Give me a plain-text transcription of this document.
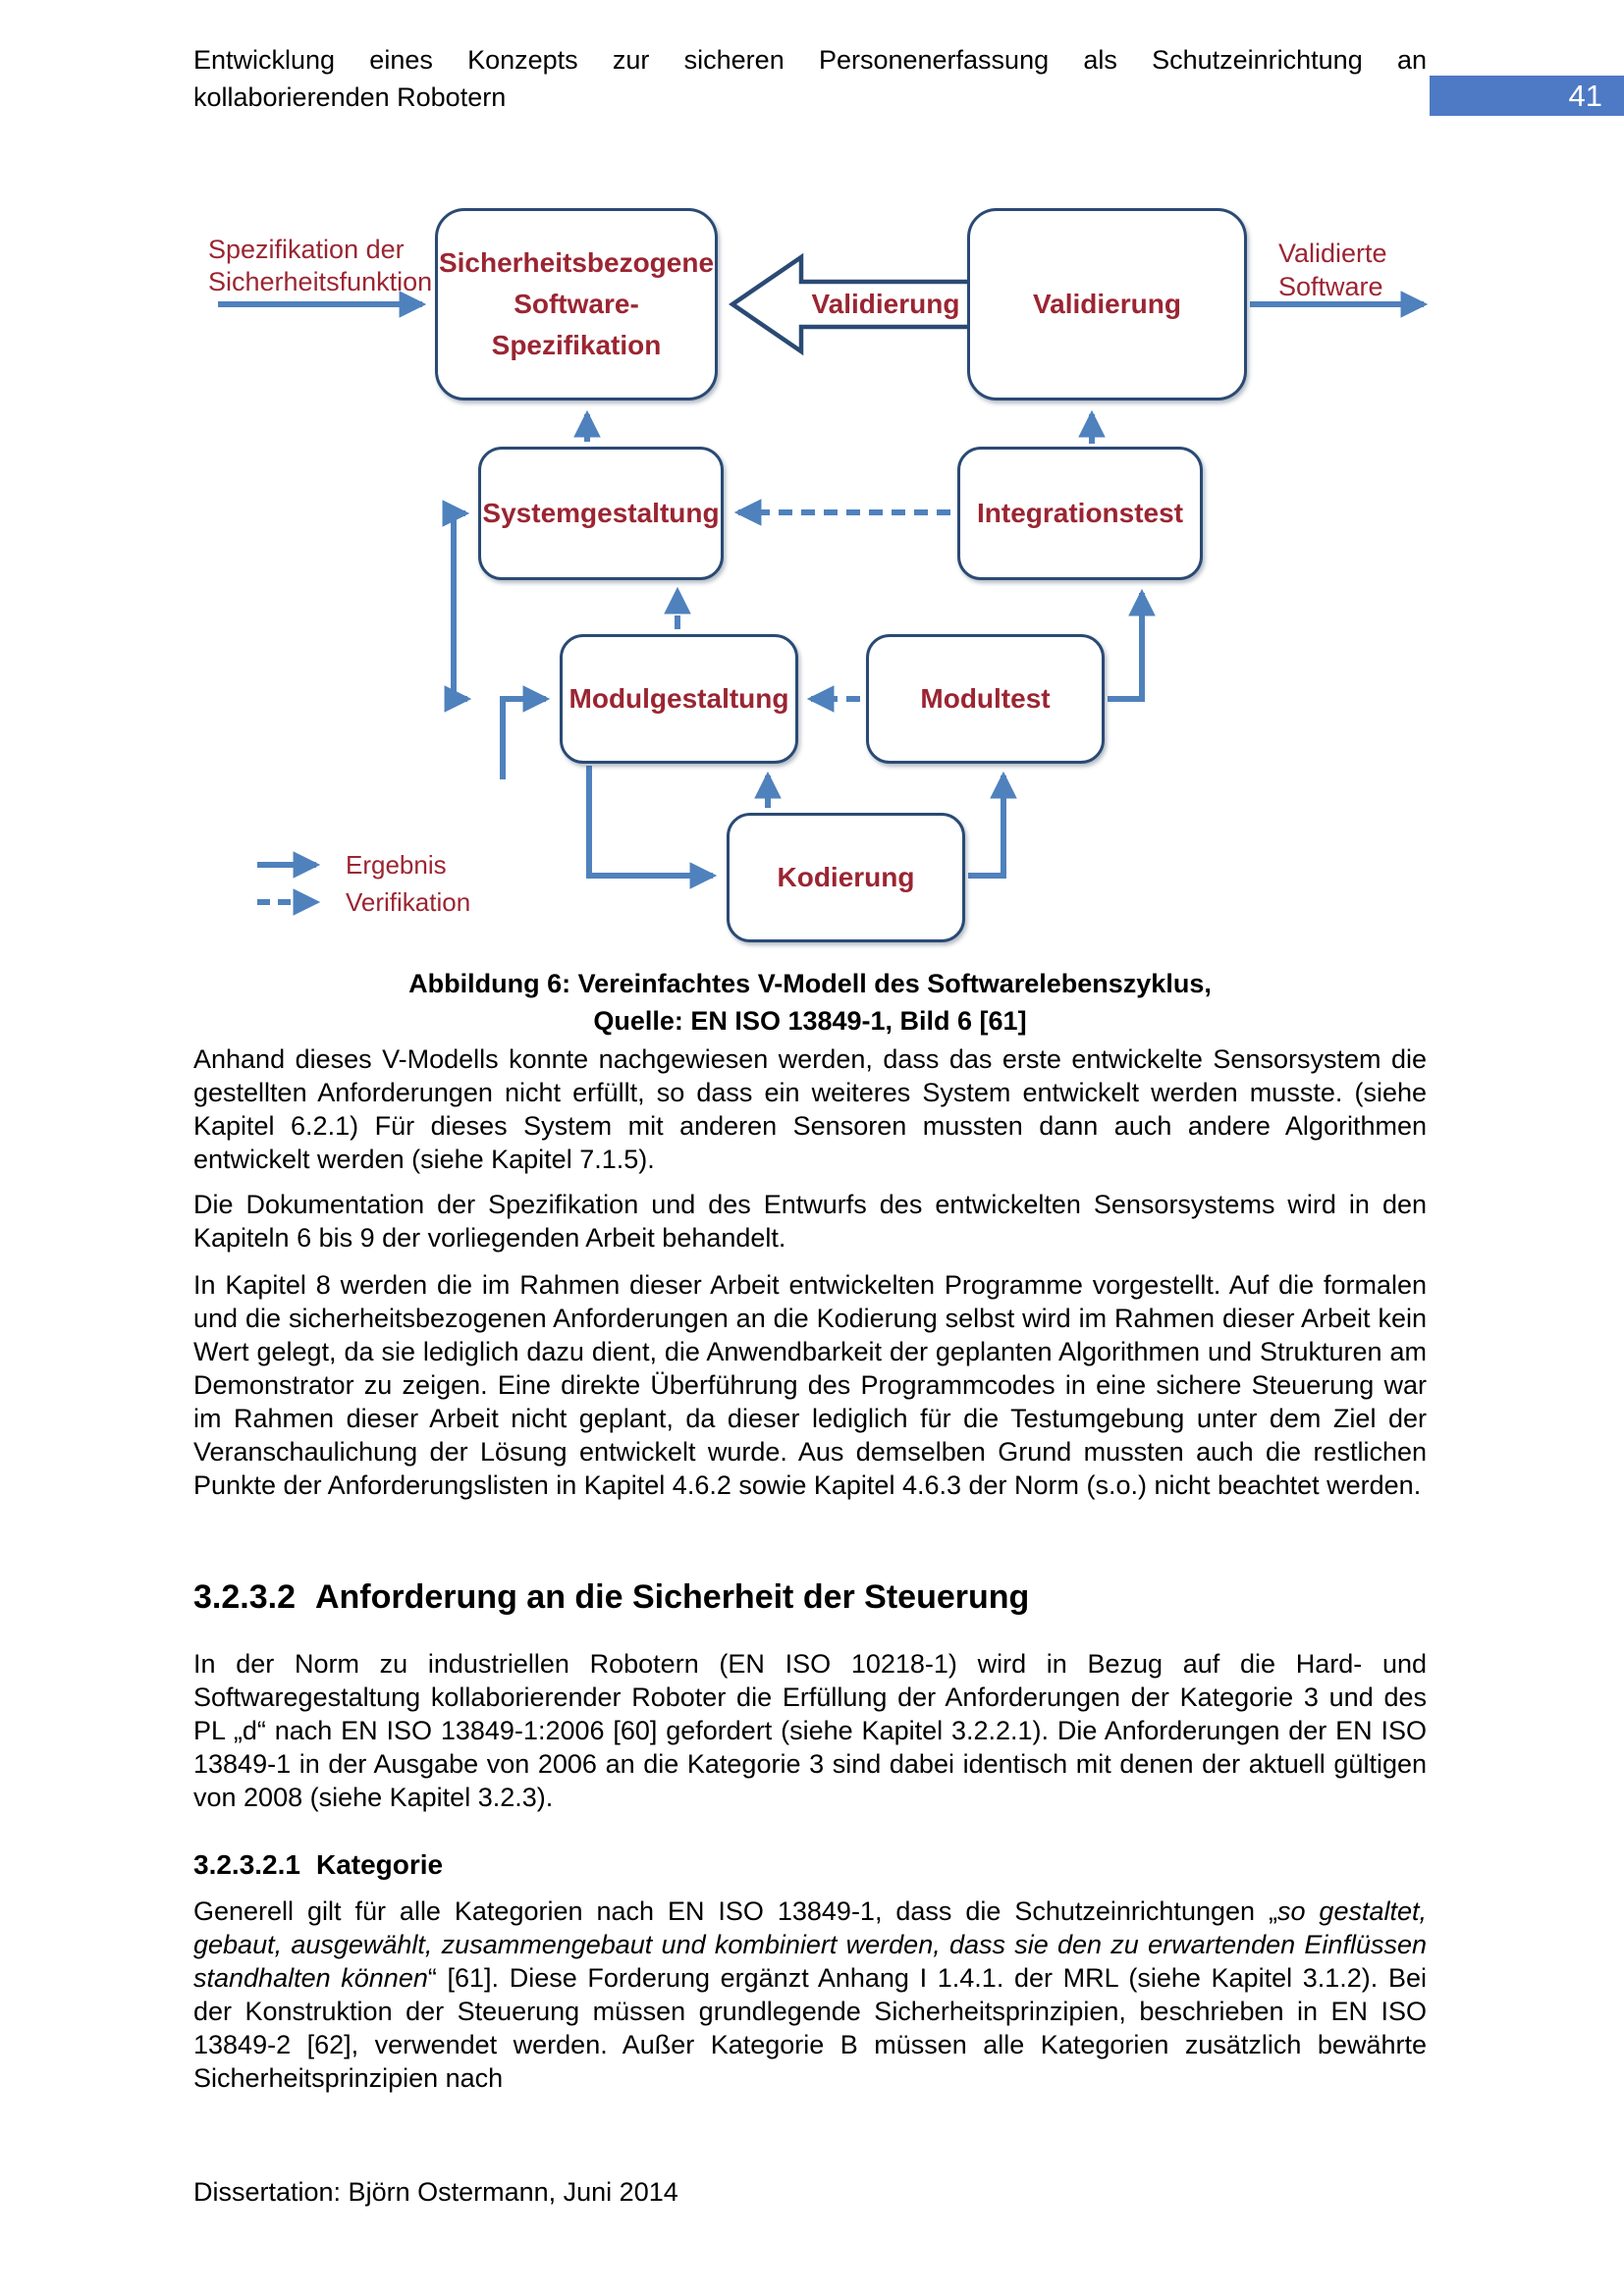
Entwicklung eines Konzepts zur sicheren Personenerfassung als Schutzeinrichtung an
kollaborierenden Robotern	41
Sicherheitsbezogene Software-Spezifikation
Validierung
Systemgestaltung	Integrationstest
Modulgestaltung	Modultest
Kodierung
Spezifikation der
Sicherheitsfunktion
Validierte
Software
Validierung
Ergebnis
Verifikation
Abbildung 6: Vereinfachtes V-Modell des Softwarelebenszyklus,
Quelle: EN ISO 13849-1, Bild 6 [61]

Anhand dieses V-Modells konnte nachgewiesen werden, dass das erste entwickelte Sensorsystem die gestellten Anforderungen nicht erfüllt, so dass ein weiteres System entwickelt werden musste. (siehe Kapitel 6.2.1) Für dieses System mit anderen Sensoren mussten dann auch andere Algorithmen entwickelt werden (siehe Kapitel 7.1.5).

Die Dokumentation der Spezifikation und des Entwurfs des entwickelten Sensorsystems wird in den Kapiteln 6 bis 9 der vorliegenden Arbeit behandelt.

In Kapitel 8 werden die im Rahmen dieser Arbeit entwickelten Programme vorgestellt. Auf die formalen und die sicherheitsbezogenen Anforderungen an die Kodierung selbst wird im Rahmen dieser Arbeit kein Wert gelegt, da sie lediglich dazu dient, die Anwendbarkeit der geplanten Algorithmen und Strukturen am Demonstrator zu zeigen. Eine direkte Überführung des Programmcodes in eine sichere Steuerung war im Rahmen dieser Arbeit nicht geplant, da dieser lediglich für die Testumgebung unter dem Ziel der Veranschaulichung der Lösung entwickelt wurde. Aus demselben Grund mussten auch die restlichen Punkte der Anforderungslisten in Kapitel 4.6.2 sowie Kapitel 4.6.3 der Norm (s.o.) nicht beachtet werden.

3.2.3.2 Anforderung an die Sicherheit der Steuerung

In der Norm zu industriellen Robotern (EN ISO 10218-1) wird in Bezug auf die Hard- und Softwaregestaltung kollaborierender Roboter die Erfüllung der Anforderungen der Kategorie 3 und des PL „d“ nach EN ISO 13849-1:2006 [60] gefordert (siehe Kapitel 3.2.2.1). Die Anforderungen der EN ISO 13849-1 in der Ausgabe von 2006 an die Kategorie 3 sind dabei identisch mit denen der aktuell gültigen von 2008 (siehe Kapitel 3.2.3).

3.2.3.2.1 Kategorie

Generell gilt für alle Kategorien nach EN ISO 13849-1, dass die Schutzeinrichtungen „so gestaltet, gebaut, ausgewählt, zusammengebaut und kombiniert werden, dass sie den zu erwartenden Einflüssen standhalten können“ [61]. Diese Forderung ergänzt Anhang I 1.4.1. der MRL (siehe Kapitel 3.1.2). Bei der Konstruktion der Steuerung müssen grundlegende Sicherheitsprinzipien, beschrieben in EN ISO 13849-2 [62], verwendet werden. Außer Kategorie B müssen alle Kategorien zusätzlich bewährte Sicherheitsprinzipien nach

Dissertation: Björn Ostermann, Juni 2014
